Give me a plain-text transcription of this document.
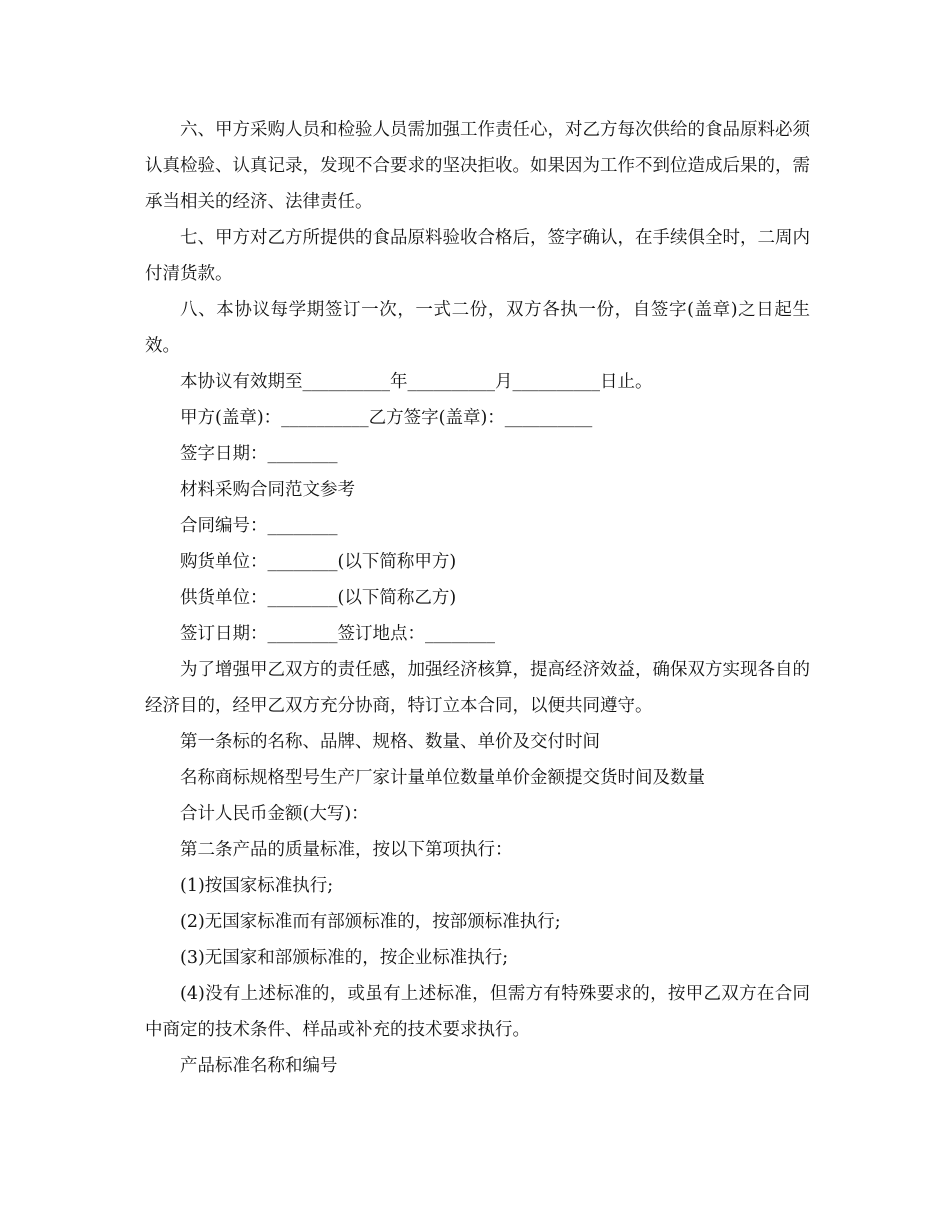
六、甲方采购人员和检验人员需加强工作责任心，对乙方每次供给的食品原料必须认真检验、认真记录，发现不合要求的坚决拒收。如果因为工作不到位造成后果的，需承当相关的经济、法律责任。

七、甲方对乙方所提供的食品原料验收合格后，签字确认，在手续俱全时，二周内付清货款。

八、本协议每学期签订一次，一式二份，双方各执一份，自签字(盖章)之日起生效。

本协议有效期至__________年__________月__________日止。

甲方(盖章)：__________乙方签字(盖章)：__________

签字日期：________

材料采购合同范文参考

合同编号：________

购货单位：________(以下简称甲方)

供货单位：________(以下简称乙方)

签订日期：________签订地点：________

为了增强甲乙双方的责任感，加强经济核算，提高经济效益，确保双方实现各自的经济目的，经甲乙双方充分协商，特订立本合同，以便共同遵守。

第一条标的名称、品牌、规格、数量、单价及交付时间

名称商标规格型号生产厂家计量单位数量单价金额提交货时间及数量

合计人民币金额(大写)：

第二条产品的质量标准，按以下第项执行：

(1)按国家标准执行;

(2)无国家标准而有部颁标准的，按部颁标准执行;

(3)无国家和部颁标准的，按企业标准执行;

(4)没有上述标准的，或虽有上述标准，但需方有特殊要求的，按甲乙双方在合同中商定的技术条件、样品或补充的技术要求执行。

产品标准名称和编号
